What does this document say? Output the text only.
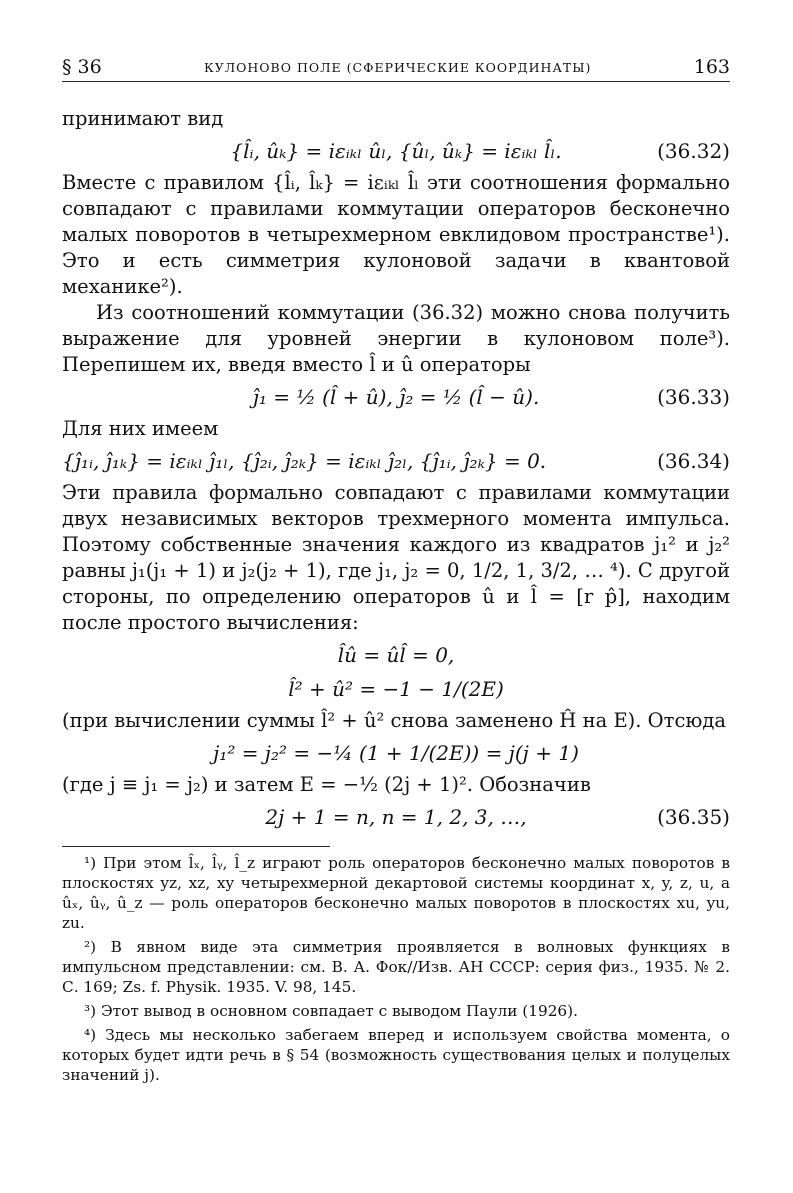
§ 36	КУЛОНОВО ПОЛЕ (СФЕРИЧЕСКИЕ КООРДИНАТЫ)	163

принимают вид

{l̂ᵢ, ûₖ} = iεᵢₖₗ ûₗ, {ûₗ, ûₖ} = iεᵢₖₗ l̂ₗ.	(36.32)

Вместе с правилом {l̂ᵢ, l̂ₖ} = iεᵢₖₗ l̂ₗ эти соотношения формально совпадают с правилами коммутации операторов бесконечно малых поворотов в четырехмерном евклидовом пространстве¹). Это и есть симметрия кулоновой задачи в квантовой механике²).

Из соотношений коммутации (36.32) можно снова получить выражение для уровней энергии в кулоновом поле³). Перепишем их, введя вместо l̂ и û операторы

ĵ₁ = ½ (l̂ + û), ĵ₂ = ½ (l̂ − û).	(36.33)

Для них имеем

{ĵ₁ᵢ, ĵ₁ₖ} = iεᵢₖₗ ĵ₁ₗ, {ĵ₂ᵢ, ĵ₂ₖ} = iεᵢₖₗ ĵ₂ₗ, {ĵ₁ᵢ, ĵ₂ₖ} = 0.	(36.34)

Эти правила формально совпадают с правилами коммутации двух независимых векторов трехмерного момента импульса. Поэтому собственные значения каждого из квадратов j₁² и j₂² равны j₁(j₁ + 1) и j₂(j₂ + 1), где j₁, j₂ = 0, 1/2, 1, 3/2, … ⁴). С другой стороны, по определению операторов û и l̂ = [r p̂], находим после простого вычисления:

l̂û = ûl̂ = 0,
l̂² + û² = −1 − 1/(2E)

(при вычислении суммы l̂² + û² снова заменено Ĥ на E). Отсюда

j₁² = j₂² = −¼ (1 + 1/(2E)) = j(j + 1)

(где j ≡ j₁ = j₂) и затем E = −½ (2j + 1)². Обозначив

2j + 1 = n, n = 1, 2, 3, …,	(36.35)

¹) При этом l̂ₓ, l̂ᵧ, l̂_z играют роль операторов бесконечно малых поворотов в плоскостях yz, xz, xy четырехмерной декартовой системы координат x, y, z, u, а ûₓ, ûᵧ, û_z — роль операторов бесконечно малых поворотов в плоскостях xu, yu, zu.

²) В явном виде эта симметрия проявляется в волновых функциях в импульсном представлении: см. В. А. Фок//Изв. АН СССР: серия физ., 1935. № 2. С. 169; Zs. f. Physik. 1935. V. 98, 145.

³) Этот вывод в основном совпадает с выводом Паули (1926).

⁴) Здесь мы несколько забегаем вперед и используем свойства момента, о которых будет идти речь в § 54 (возможность существования целых и полуцелых значений j).
